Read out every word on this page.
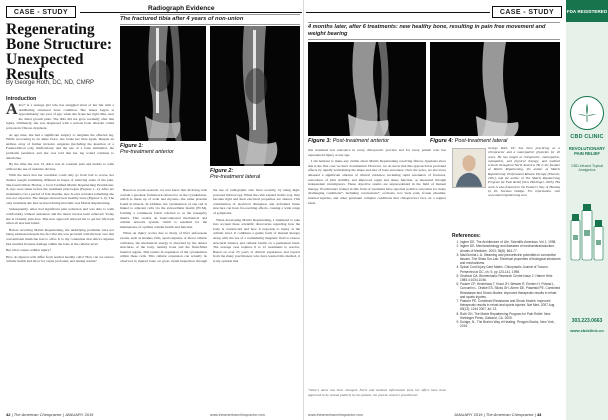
CASE - STUDY
Regenerating Bone Structure: Unexpected Results
By George Roth, DC, ND, CMRP
Introduction

Alice* is a teenage girl who has struggled most of her life with a debilitating structural bone condition. Her issues began at approximately one year of age, when she broke her right tibia, near the distal growth plate. The tibia did not grow normally after that injury. Ultimately, she was diagnosed with a serious bone disorder called polyostotic fibrous dysplasia.

At age nine, she had a significant surgery to lengthen the affected leg. While recovering in an ankle brace, she broke her tibia again. Despite an endless array of further invasive surgeries (including the insertion of a Fassier-Duval rod), medications; and the use of a bone stimulator, the problems persisted, and she was told that her leg would continue to deteriorate.

By the time she was 13, Alice was in constant pain and unable to walk without the use of assistive devices.

With the news that her condition could only go from bad to worse, her mother sought something different in hopes of relieving some of the pain. She found Oliver Horton, a local Certified Matrix Repatterning Practitioner. X-rays were taken before the treatment plan began (Figures 1, 2). After six treatments over a period of four months, new X-rays revealed something she was not expected. The images showed new healthy bone (Figures 3, 4). The only treatment she had received during that time was Matrix Repatterning.

Subsequently, Alice had significant pain reduction and was able to walk comfortably without assistance and the metal rod has been removed. Today she is virtually pain-free. This new approach allowed her to get her life back when all else had failed.

Before receiving Matrix Repatterning, the underlying problems were not being addressed despite the fact that she was provided with the best care that conventional medicine had to offer. It is my contention that Alice's injuries had resulted in tissue damage within the bone at the cellular level.

But what causes cellular injury?

How do injured cells differ from normal healthy cells? How can we restore cellular health and allow for rapid, profound, and lasting results?

Radiograph Evidence
The fractured tibia after 4 years of non-union
Figure 1:
Pre-treatment anterior
Figure 2:
Pre-treatment lateral

Based on recent research, we now know that all living cells contain a geodesic framework referred to as the cytoskeleton, which is made up of actin and myosin—the same proteins found in muscle. In addition, the cytoskeleton of one cell is linked to adjacent cells via the extracellular matrix (ECM), forming a continuous fabric referred to as the tensegrity matrix. This creates an interconnected mechanical and cellular network system, which is essential for the maintenance of optimal cellular health and function.

When an injury occurs due to many of life's unforeseen events, such as sitzmus, falls, sports injuries, or motor vehicle collisions, the mechanical energy is absorbed by the denser structures of the body, namely bone and the fluid-filled internal organs. This results in expansion of the cytoskeleton within these cells. This cellular expansion can actually be observed in injured bone on gross visual inspection through the use of radiographs and, most recently, by using high-powered microscopy. When the cells expand in this way, they become rigid and their electrical properties are altered. This combination of electrical disruption and deformed tissue structure can have far-reaching effects, causing a wide range of symptoms.

When developing Matrix Repatterning, I attempted to take into account these scientific discoveries regarding how the body is constructed and how it responds to injury at the cellular level. It combines a gentle form of manual therapy along with the use of a normalizing magnetic field to restore structural balance and cellular health on a permanent basis. The average case requires 6 to 12 treatments to resolve. Based on over 25 years of clinical experience and reports from the many practitioners who have learned this method, it is my opinion that

42 | The American Chiropractor | JANUARY 2019	www.theamericanchiropractor.com
CASE - STUDY
4 months later, after 6 treatments: new healthy bone, resulting in pain free movement and weight bearing
Figure 3: Post-treatment anterior	Figure 4: Post-treatment lateral

this treatment has relevance in every chiropractic practice and for every patient who has experienced injury at any age.

I am hesitant to make any claims about Matrix Repatterning resolving fibrous dysplasia since this is the first case we have documented. However, we do know that this approach has profound effects by rapidly normalizing the shape and size of bone structures. Over the years, we also have amassed a significant amount of clinical evidence, including rapid resolution of fractures, restoration of joint stability, and improved organ and tissue function, as measured through independent investigators. These objective results are unprecedented in the field of manual therapy. Practitioners trained in this form of treatment have reported positive outcomes for many challenging conditions*, including concussions*, scoliosis, low back pain, frozen shoulder, internal injuries, and other persistent complex conditions that chiropractors face on a regular basis.

*Alice's name has been changed. Facts and medical information from her office have been approved to be shared publicly by the patient, her parent, and her practitioner.
George Roth, DC has been practicing as a chiropractor and a naturopathic physician for 40 years. He has taught at chiropractic, naturopathic, osteopathic, and physical therapy, and medical schools throughout North America. He is the founder of Matrix Repatterning, the author of Matrix Repatterning: Professional Release Therapy (Elsevier, 1991), and the author of The Matrix Repatterning Program for Pain Relief (New Harbinger, 2005). His work is also featured in the Painter's Way of Healing by Dr. Norman Doidge. For information, visit www.matrixrepatterning.com.
References:
1. Ingber DE. The Architecture of Life. Scientific American. Vol 1, 1998.
2. Ingber DE. Mechanobiology and diseases of mechanotransduction. Annals of Medicine. 2003; 35(8): 564-77.
3. MacGuinha L.A. Steaming and piezoelectric potentials in connective tissues. The Shaw Sur-Lab. Electrical properties of biological structures and mechanisms.
4. Spinal Cord Injury Care Matrix. Chiropractic Journal of Tucson. Presented at DC, ch. 9, pp 123-141, 1998.
5. Ghafouri DA. Biomechanic Research Centre Issue 2. Hamer Hetz 1985.4:1034-1046.
6. Pauker CP, Heninhaus T, Kraut JH, Weaver R, Emden H, Poland L. Curcumin L. Ortake ES, Sticks GH, Ahren DE, Piasetski PE. Combined Resistance and Shock Modes: improved therapeutic results in rehab and sports injuries.
7. Pastore PE. Combined Resistance and Shock Modes: improved therapeutic results in rehab and sports injuries. Nat Med. 2007 Aug 69(12): 1244 2007 Jul; 13.
8. Roth GH. The Matrix Repatterning Program for Pain Relief. New Harbinger Press, Oakland, CA. 2005.
9. Doidge, N., The Brain's Way of Healing, Penguin Books, New York, 2016.
FDA REGISTERED
CBD CLINIC
REVOLUTIONARY PAIN RELIEF
CBD-Infused Topical Analgesics
303.223.0663
www.cbdclinic.co
www.theamericanchiropractor.com	JANUARY 2019 | The American Chiropractor | 43
